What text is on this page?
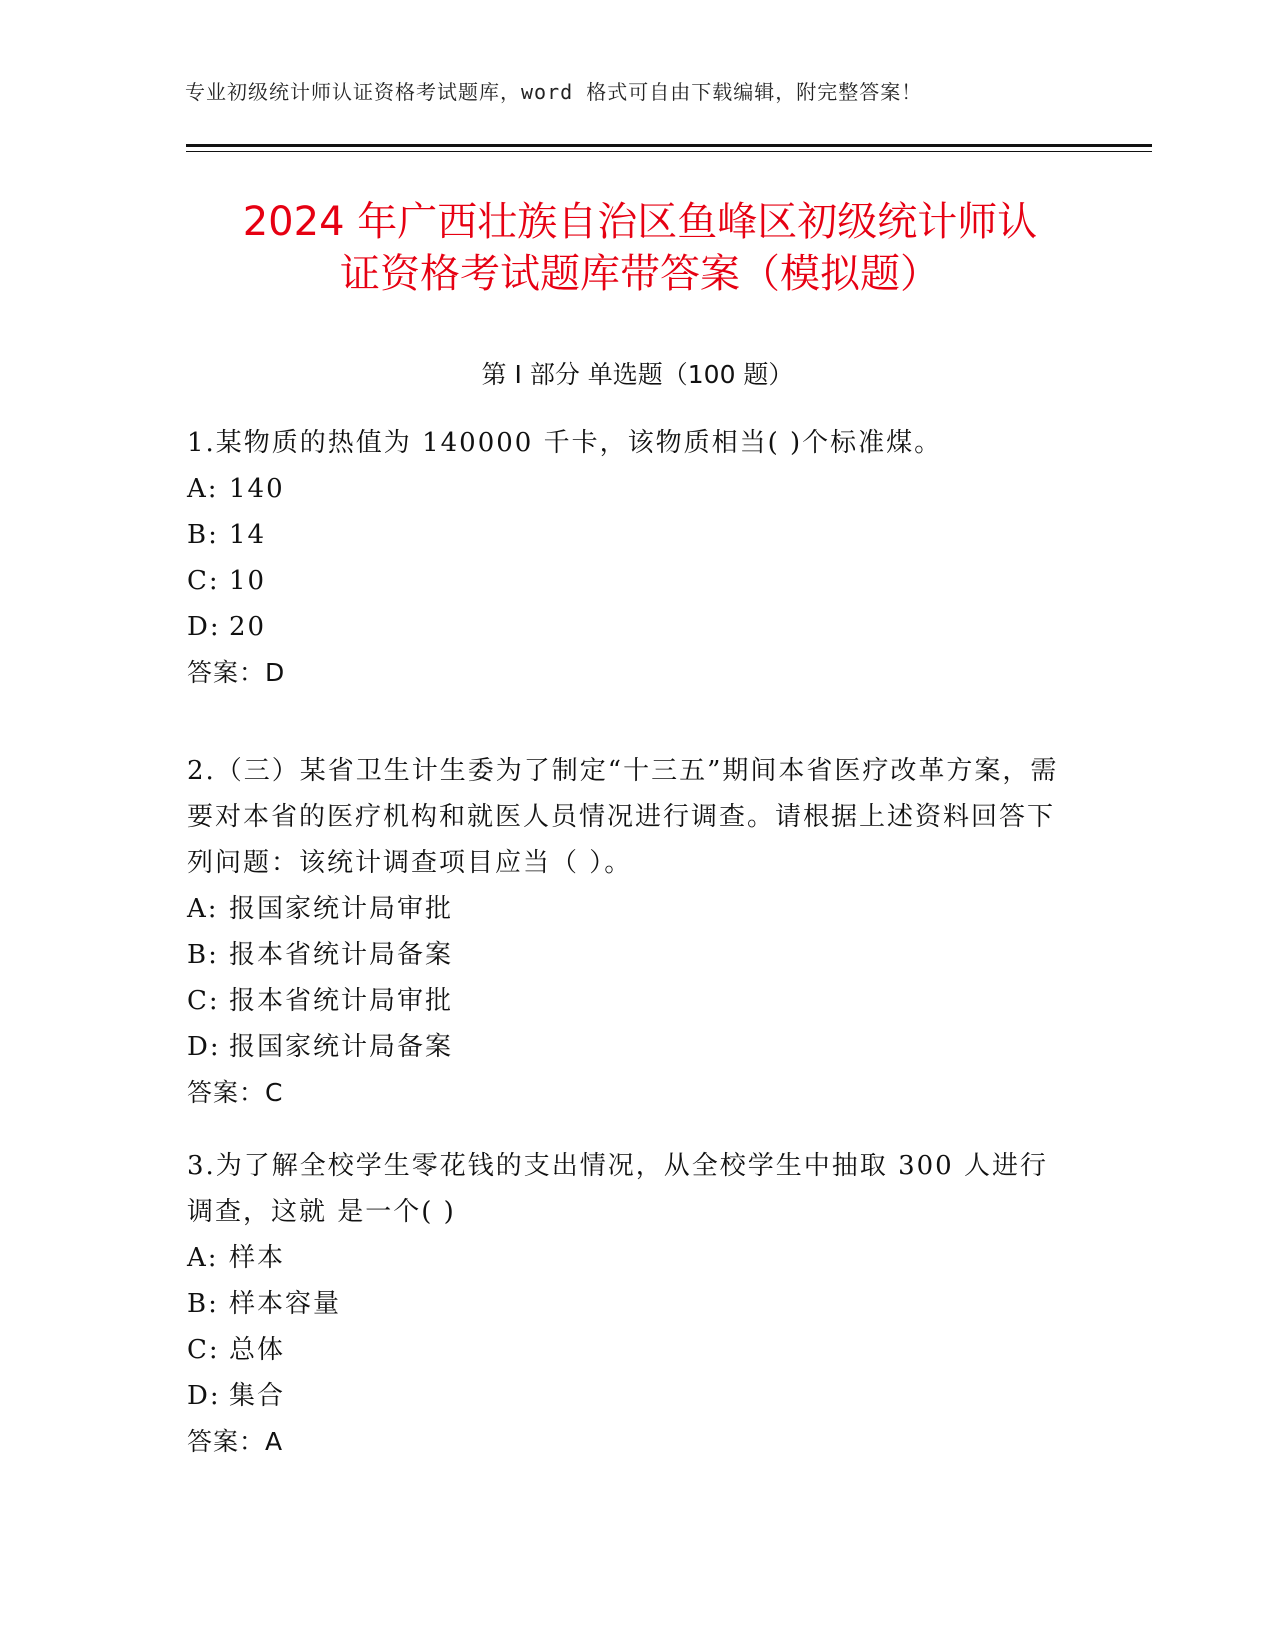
专业初级统计师认证资格考试题库，word 格式可自由下载编辑，附完整答案！
2024 年广西壮族自治区鱼峰区初级统计师认
证资格考试题库带答案（模拟题）
第 I 部分 单选题（100 题）

1.某物质的热值为 140000 千卡，该物质相当( )个标准煤。

A: 140

B: 14

C: 10

D: 20

答案：D

2.（三）某省卫生计生委为了制定“十三五”期间本省医疗改革方案，需要对本省的医疗机构和就医人员情况进行调查。请根据上述资料回答下列问题：该统计调查项目应当（ ）。

A: 报国家统计局审批

B: 报本省统计局备案

C: 报本省统计局审批

D: 报国家统计局备案

答案：C

3.为了解全校学生零花钱的支出情况，从全校学生中抽取 300 人进行调查，这就 是一个( )

A: 样本

B: 样本容量

C: 总体

D: 集合

答案：A
